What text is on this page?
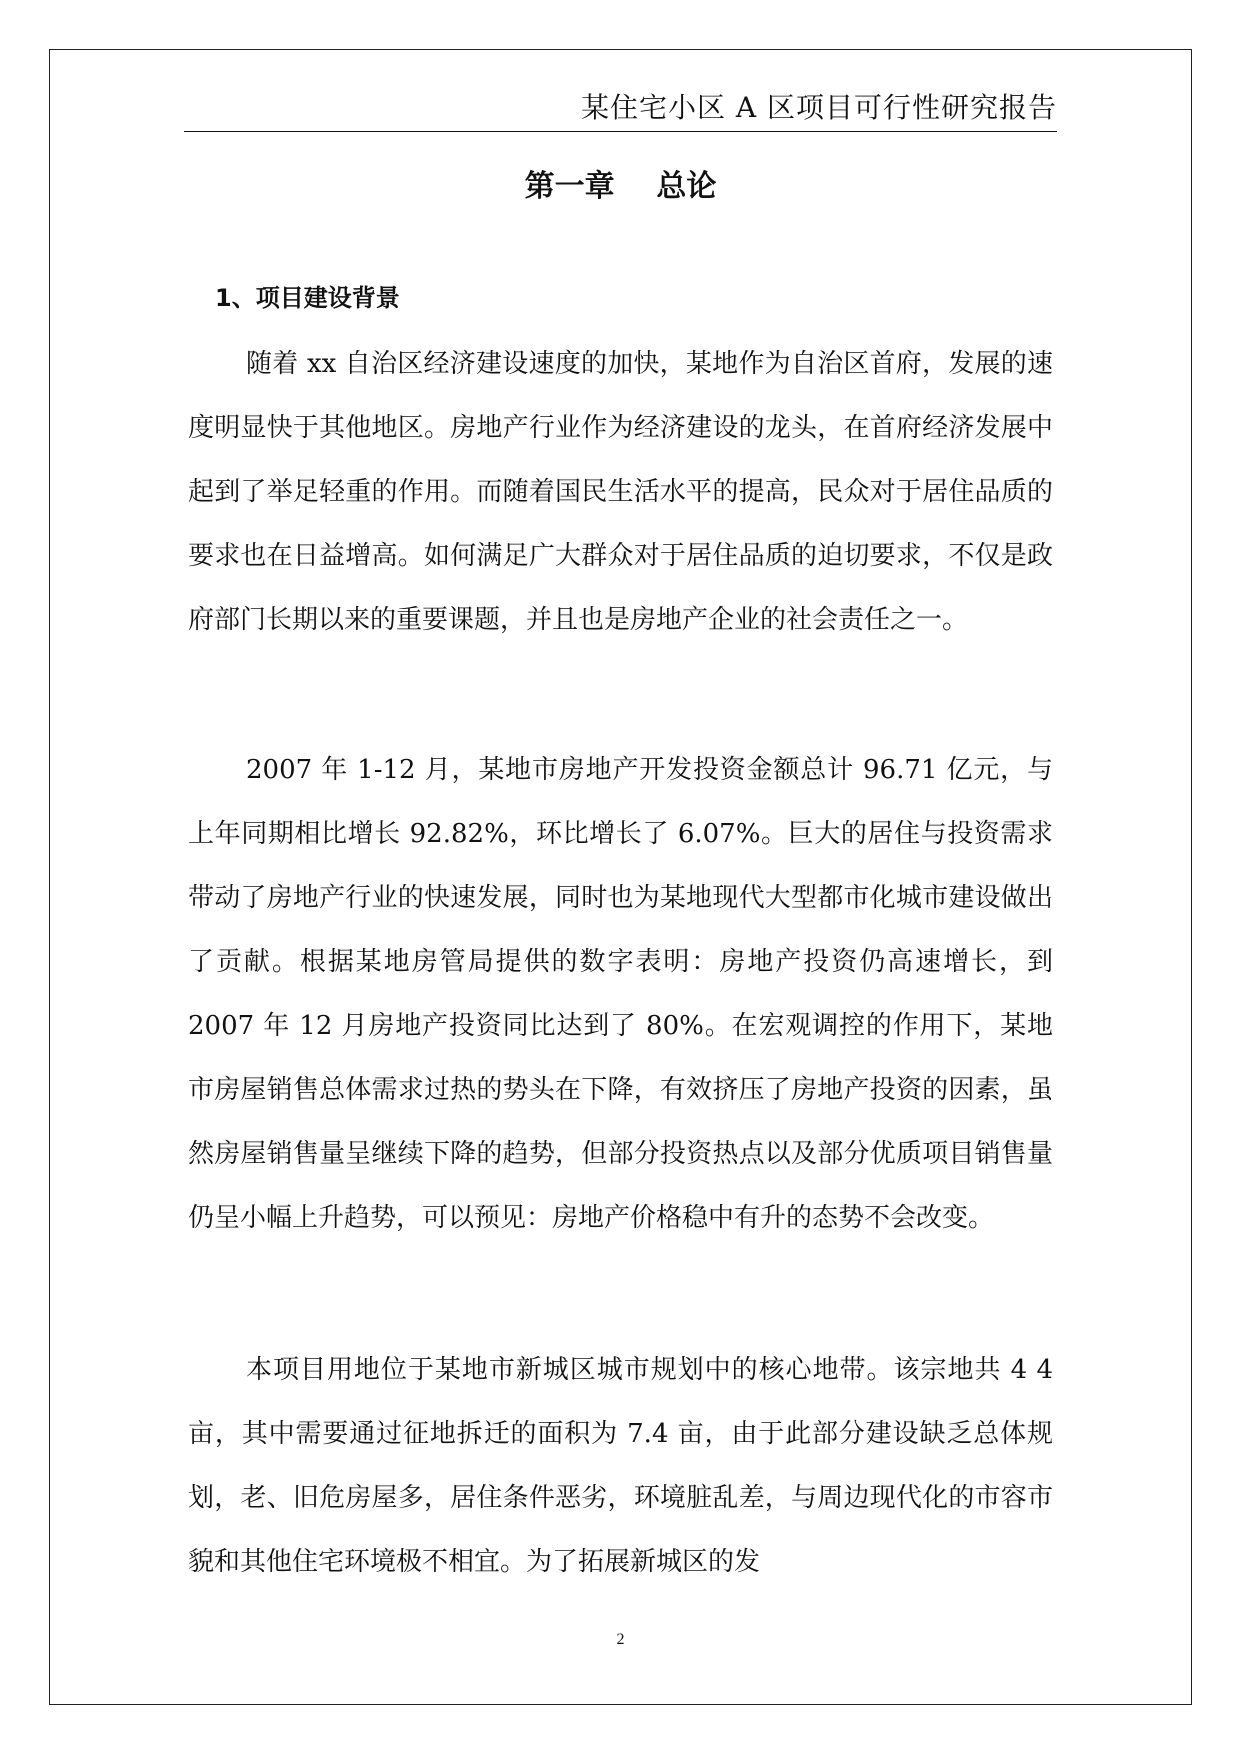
某住宅小区 A 区项目可行性研究报告
第一章    总论
1、项目建设背景

随着 xx 自治区经济建设速度的加快，某地作为自治区首府，发展的速度明显快于其他地区。房地产行业作为经济建设的龙头，在首府经济发展中起到了举足轻重的作用。而随着国民生活水平的提高，民众对于居住品质的要求也在日益增高。如何满足广大群众对于居住品质的迫切要求，不仅是政府部门长期以来的重要课题，并且也是房地产企业的社会责任之一。

2007 年 1-12 月，某地市房地产开发投资金额总计 96.71 亿元，与上年同期相比增长 92.82%，环比增长了 6.07%。巨大的居住与投资需求带动了房地产行业的快速发展，同时也为某地现代大型都市化城市建设做出了贡献。根据某地房管局提供的数字表明：房地产投资仍高速增长，到 2007 年 12 月房地产投资同比达到了 80%。在宏观调控的作用下，某地市房屋销售总体需求过热的势头在下降，有效挤压了房地产投资的因素，虽然房屋销售量呈继续下降的趋势，但部分投资热点以及部分优质项目销售量仍呈小幅上升趋势，可以预见：房地产价格稳中有升的态势不会改变。

本项目用地位于某地市新城区城市规划中的核心地带。该宗地共 4 4 亩，其中需要通过征地拆迁的面积为 7.4 亩，由于此部分建设缺乏总体规划，老、旧危房屋多，居住条件恶劣，环境脏乱差，与周边现代化的市容市貌和其他住宅环境极不相宜。为了拓展新城区的发

2
